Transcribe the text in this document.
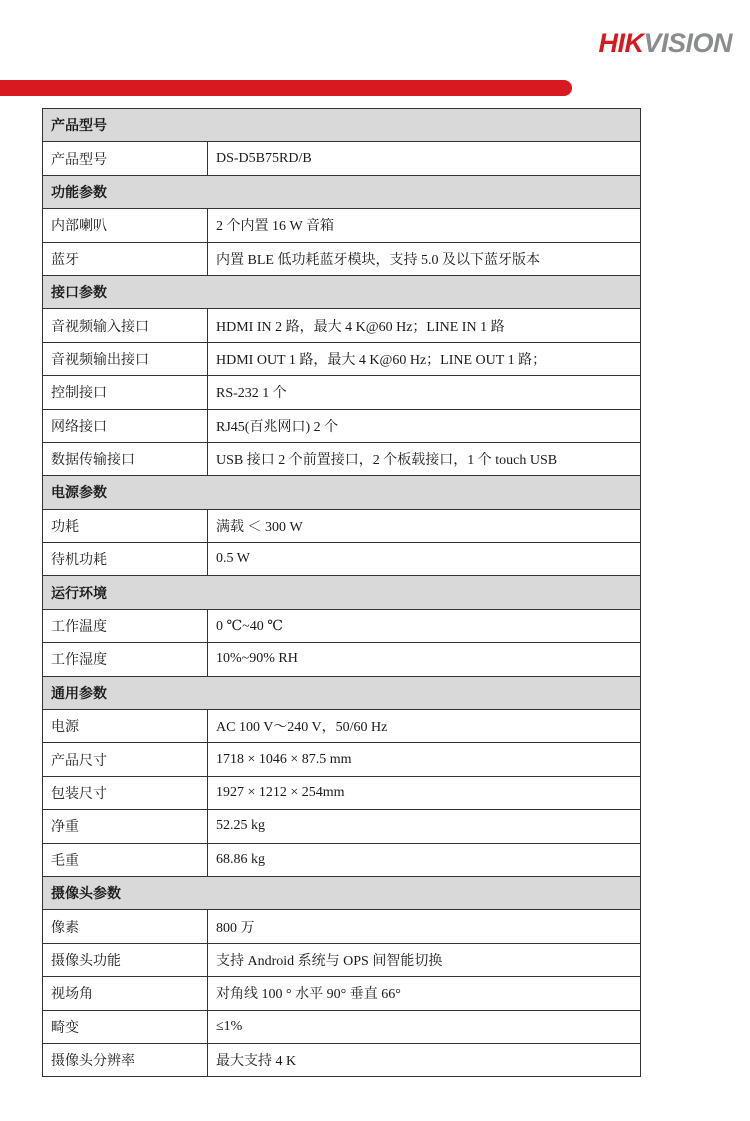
HIKVISION
产品型号	
产品型号	DS-D5B75RD/B
功能参数	
内部喇叭	2 个内置 16 W 音箱
蓝牙	内置 BLE 低功耗蓝牙模块，支持 5.0 及以下蓝牙版本
接口参数	
音视频输入接口	HDMI IN 2 路，最大 4 K@60 Hz；LINE IN 1 路
音视频输出接口	HDMI OUT 1 路，最大 4 K@60 Hz；LINE OUT 1 路；
控制接口	RS-232 1 个
网络接口	RJ45(百兆网口) 2 个
数据传输接口	USB 接口 2 个前置接口，2 个板载接口，1 个 touch USB
电源参数	
功耗	满载 ＜ 300 W
待机功耗	0.5 W
运行环境	
工作温度	0 ℃~40 ℃
工作湿度	10%~90% RH
通用参数	
电源	AC 100 V～240 V，50/60 Hz
产品尺寸	1718 × 1046 × 87.5 mm
包装尺寸	1927 × 1212 × 254mm
净重	52.25 kg
毛重	68.86 kg
摄像头参数	
像素	800 万
摄像头功能	支持 Android 系统与 OPS 间智能切换
视场角	对角线 100 ° 水平 90° 垂直 66°
畸变	≤1%
摄像头分辨率	最大支持 4 K
